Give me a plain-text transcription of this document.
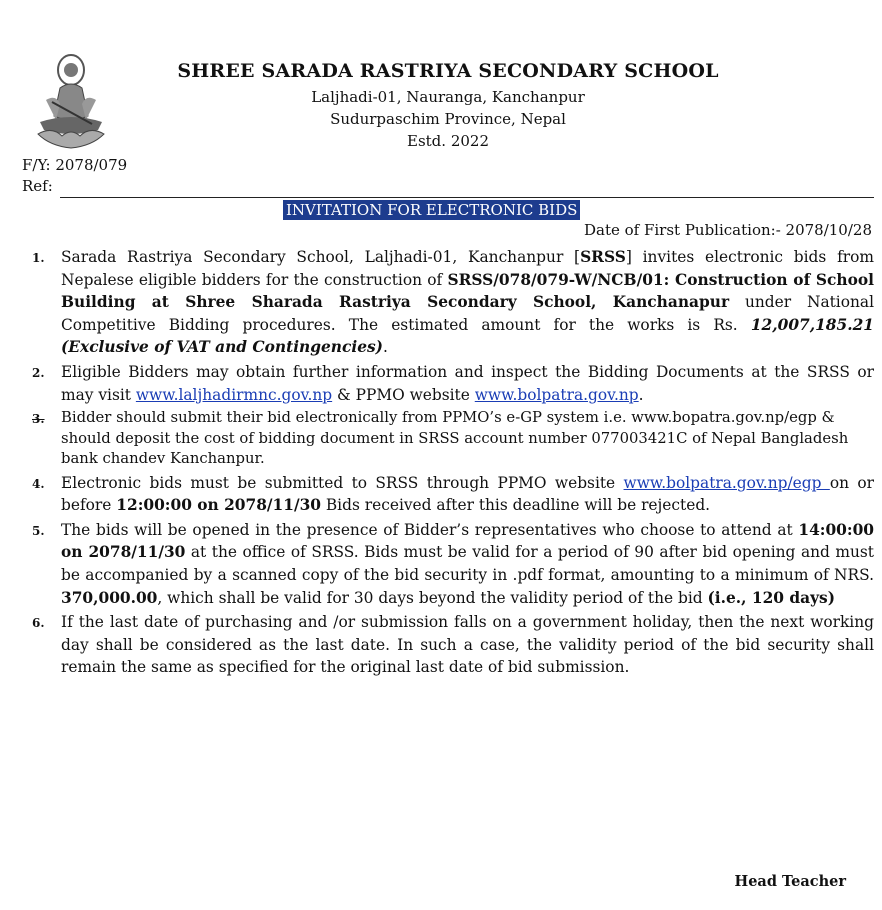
SHREE SARADA RASTRIYA SECONDARY SCHOOL
Laljhadi-01, Nauranga, Kanchanpur
Sudurpaschim Province, Nepal
Estd. 2022
F/Y: 2078/079
Ref:
INVITATION FOR ELECTRONIC BIDS
Date of First Publication:- 2078/10/28
1. Sarada Rastriya Secondary School, Laljhadi-01, Kanchanpur [SRSS] invites electronic bids from Nepalese eligible bidders for the construction of SRSS/078/079-W/NCB/01: Construction of School Building at Shree Sharada Rastriya Secondary School, Kanchanapur under National Competitive Bidding procedures. The estimated amount for the works is Rs. 12,007,185.21 (Exclusive of VAT and Contingencies).
2. Eligible Bidders may obtain further information and inspect the Bidding Documents at the SRSS or may visit www.laljhadirmnc.gov.np & PPMO website www.bolpatra.gov.np.
3. Bidder should submit their bid electronically from PPMO’s e-GP system i.e. www.bopatra.gov.np/egp & should deposit the cost of bidding document in SRSS account number 077003421C of Nepal Bangladesh bank chandev Kanchanpur.
4. Electronic bids must be submitted to SRSS through PPMO website www.bolpatra.gov.np/egp on or before 12:00:00 on 2078/11/30 Bids received after this deadline will be rejected.
5. The bids will be opened in the presence of Bidder’s representatives who choose to attend at 14:00:00 on 2078/11/30 at the office of SRSS. Bids must be valid for a period of 90 after bid opening and must be accompanied by a scanned copy of the bid security in .pdf format, amounting to a minimum of NRS. 370,000.00, which shall be valid for 30 days beyond the validity period of the bid (i.e., 120 days)
6. If the last date of purchasing and /or submission falls on a government holiday, then the next working day shall be considered as the last date. In such a case, the validity period of the bid security shall remain the same as specified for the original last date of bid submission.
Head Teacher
